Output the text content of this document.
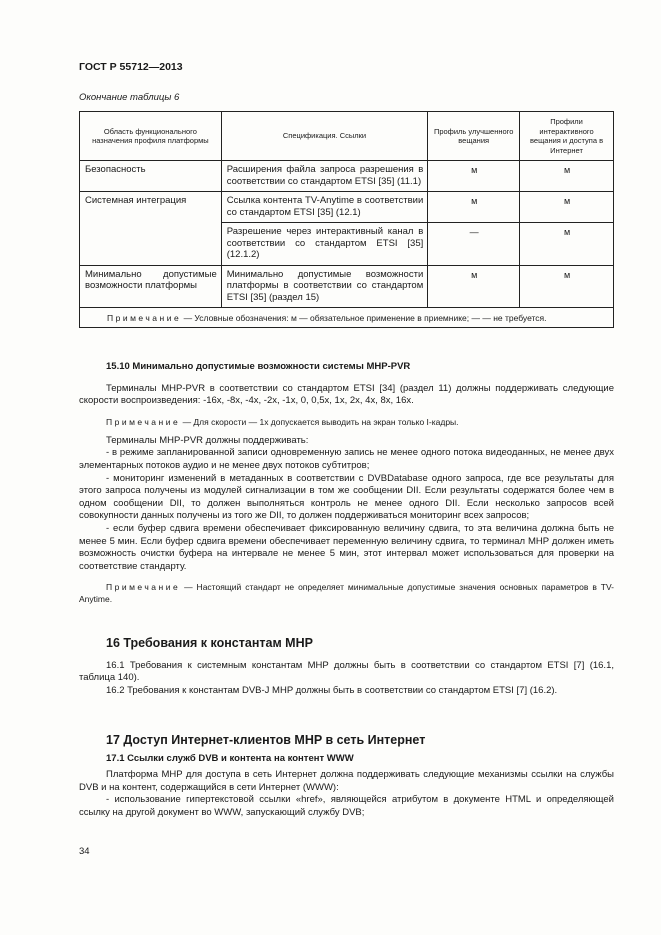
ГОСТ Р 55712—2013
Окончание таблицы 6
Область функционального назначения профиля платформы	Спецификация. Ссылки	Профиль улучшенного вещания	Профили интерактивного вещания и доступа в Интернет
Безопасность	Расширения файла запроса разрешения в соответствии со стандартом ETSI [35] (11.1)	м	м
Системная интеграция	Ссылка контента TV-Anytime в соответствии со стандартом ETSI [35] (12.1)	м	м
	Разрешение через интерактивный канал в соответствии со стандартом ETSI [35] (12.1.2)	—	м
Минимально допустимые возможности платформы	Минимально допустимые возможности платформы в соответствии со стандартом ETSI [35] (раздел 15)	м	м
Примечание — Условные обозначения: м — обязательное применение в приемнике; — — не требуется.			

15.10 Минимально допустимые возможности системы MHP-PVR

Терминалы MHP-PVR в соответствии со стандартом ETSI [34] (раздел 11) должны поддерживать следующие скорости воспроизведения: -16х, -8х, -4х, -2х, -1х, 0, 0,5х, 1х, 2х, 4х, 8х, 16х.

Примечание — Для скорости — 1х допускается выводить на экран только I-кадры.

Терминалы MHP-PVR должны поддерживать:

- в режиме запланированной записи одновременную запись не менее одного потока видеоданных, не менее двух элементарных потоков аудио и не менее двух потоков субтитров;

- мониторинг изменений в метаданных в соответствии с DVBDatabase одного запроса, где все результаты для этого запроса получены из модулей сигнализации в том же сообщении DII. Если результаты содержатся более чем в одном сообщении DII, то должен выполняться контроль не менее одного DII. Если несколько запросов всей совокупности данных получены из того же DII, то должен поддерживаться мониторинг всех запросов;

- если буфер сдвига времени обеспечивает фиксированную величину сдвига, то эта величина должна быть не менее 5 мин. Если буфер сдвига времени обеспечивает переменную величину сдвига, то терминал MHP должен иметь возможность очистки буфера на интервале не менее 5 мин, этот интервал может использоваться для проверки на соответствие стандарту.

Примечание — Настоящий стандарт не определяет минимальные допустимые значения основных параметров в TV-Anytime.

16 Требования к константам MHP

16.1 Требования к системным константам MHP должны быть в соответствии со стандартом ETSI [7] (16.1, таблица 140).

16.2 Требования к константам DVB-J MHP должны быть в соответствии со стандартом ETSI [7] (16.2).

17 Доступ Интернет-клиентов MHP в сеть Интернет

17.1 Ссылки служб DVB и контента на контент WWW

Платформа MHP для доступа в сеть Интернет должна поддерживать следующие механизмы ссылки на службы DVB и на контент, содержащийся в сети Интернет (WWW):

- использование гипертекстовой ссылки «href», являющейся атрибутом в документе HTML и определяющей ссылку на другой документ во WWW, запускающий службу DVB;

34
